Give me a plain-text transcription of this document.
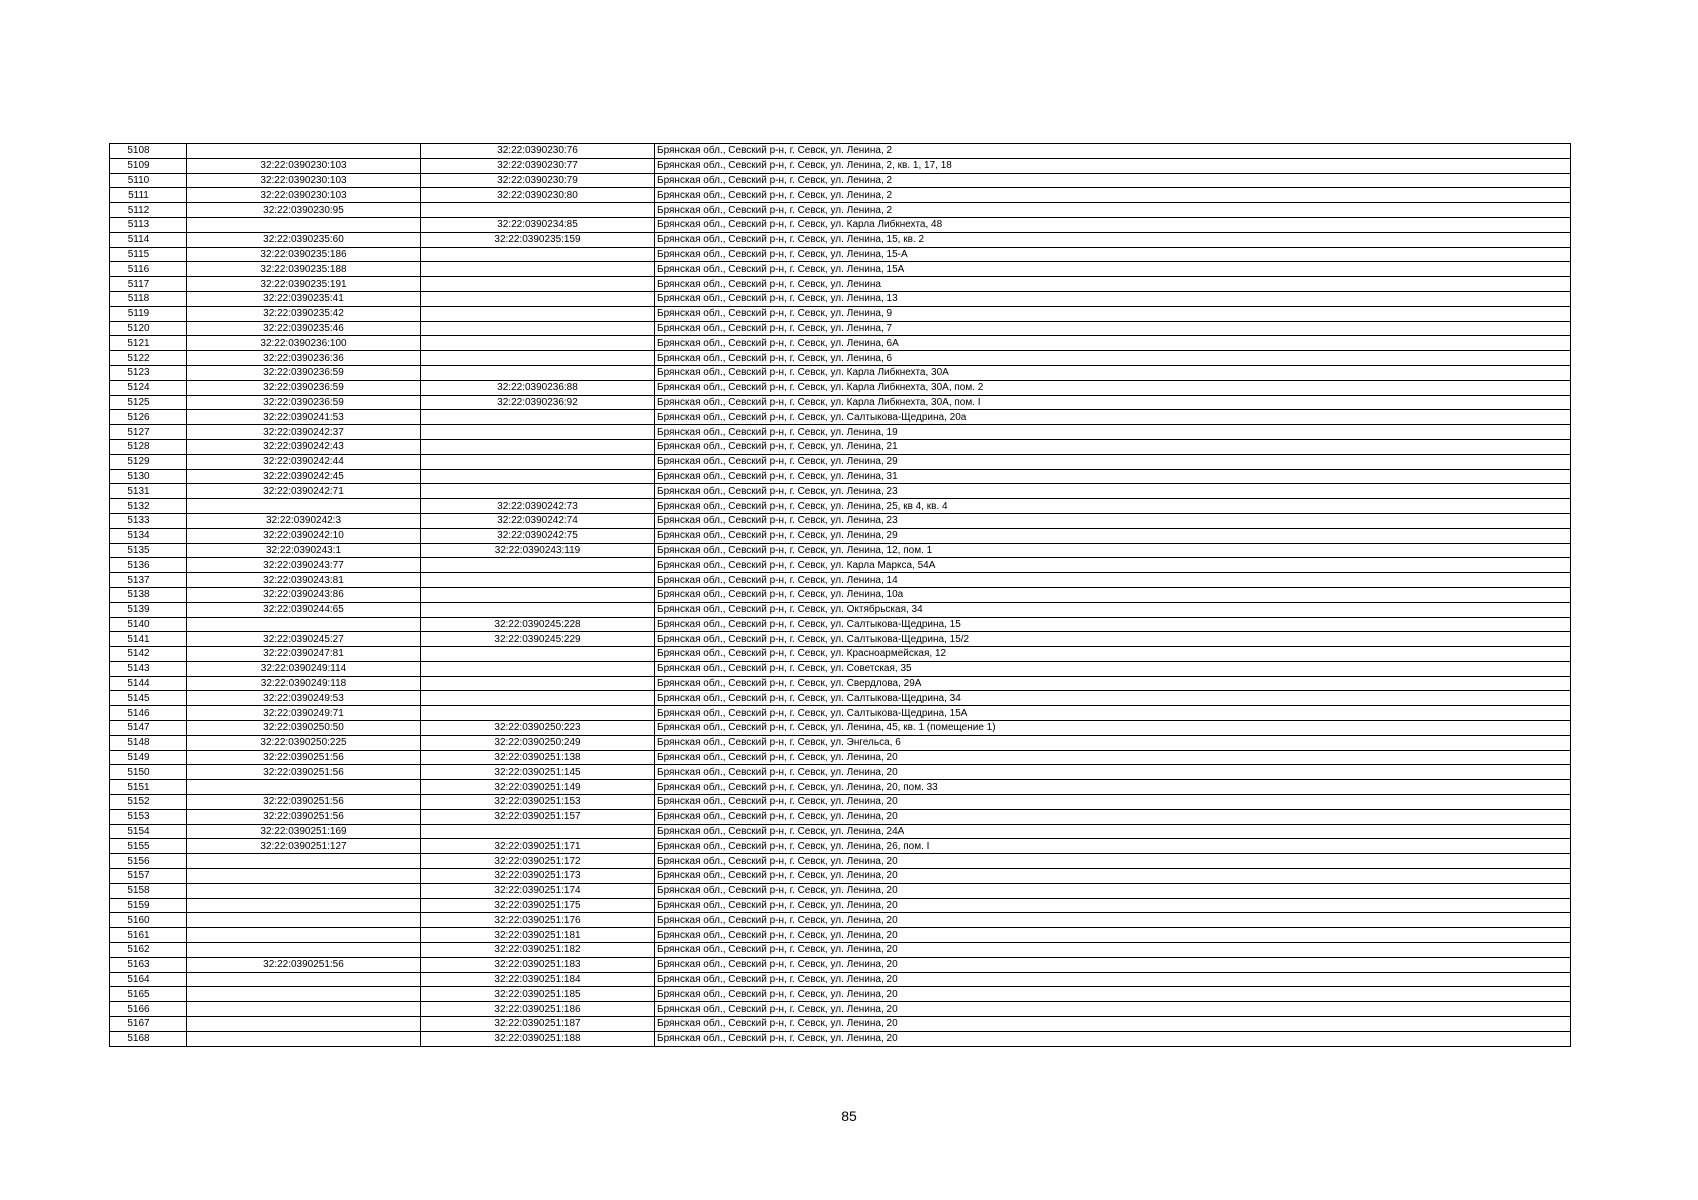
5108		32:22:0390230:76	Брянская обл., Севский р-н, г. Севск, ул. Ленина, 2
5109	32:22:0390230:103	32:22:0390230:77	Брянская обл., Севский р-н, г. Севск, ул. Ленина, 2, кв. 1, 17, 18
5110	32:22:0390230:103	32:22:0390230:79	Брянская обл., Севский р-н, г. Севск, ул. Ленина, 2
5111	32:22:0390230:103	32:22:0390230:80	Брянская обл., Севский р-н, г. Севск, ул. Ленина, 2
5112	32:22:0390230:95		Брянская обл., Севский р-н, г. Севск, ул. Ленина, 2
5113		32:22:0390234:85	Брянская обл., Севский р-н, г. Севск, ул. Карла Либкнехта, 48
5114	32:22:0390235:60	32:22:0390235:159	Брянская обл., Севский р-н, г. Севск, ул. Ленина, 15, кв. 2
5115	32:22:0390235:186		Брянская обл., Севский р-н, г. Севск, ул. Ленина, 15-А
5116	32:22:0390235:188		Брянская обл., Севский р-н, г. Севск, ул. Ленина, 15А
5117	32:22:0390235:191		Брянская обл., Севский р-н, г. Севск, ул. Ленина
5118	32:22:0390235:41		Брянская обл., Севский р-н, г. Севск, ул. Ленина, 13
5119	32:22:0390235:42		Брянская обл., Севский р-н, г. Севск, ул. Ленина, 9
5120	32:22:0390235:46		Брянская обл., Севский р-н, г. Севск, ул. Ленина, 7
5121	32:22:0390236:100		Брянская обл., Севский р-н, г. Севск, ул. Ленина, 6А
5122	32:22:0390236:36		Брянская обл., Севский р-н, г. Севск, ул. Ленина, 6
5123	32:22:0390236:59		Брянская обл., Севский р-н, г. Севск, ул. Карла Либкнехта, 30А
5124	32:22:0390236:59	32:22:0390236:88	Брянская обл., Севский р-н, г. Севск, ул. Карла Либкнехта, 30А, пом. 2
5125	32:22:0390236:59	32:22:0390236:92	Брянская обл., Севский р-н, г. Севск, ул. Карла Либкнехта, 30А, пом. I
5126	32:22:0390241:53		Брянская обл., Севский р-н, г. Севск, ул. Салтыкова-Щедрина, 20а
5127	32:22:0390242:37		Брянская обл., Севский р-н, г. Севск, ул. Ленина, 19
5128	32:22:0390242:43		Брянская обл., Севский р-н, г. Севск, ул. Ленина, 21
5129	32:22:0390242:44		Брянская обл., Севский р-н, г. Севск, ул. Ленина, 29
5130	32:22:0390242:45		Брянская обл., Севский р-н, г. Севск, ул. Ленина, 31
5131	32:22:0390242:71		Брянская обл., Севский р-н, г. Севск, ул. Ленина, 23
5132		32:22:0390242:73	Брянская обл., Севский р-н, г. Севск, ул. Ленина, 25, кв 4, кв. 4
5133	32:22:0390242:3	32:22:0390242:74	Брянская обл., Севский р-н, г. Севск, ул. Ленина, 23
5134	32:22:0390242:10	32:22:0390242:75	Брянская обл., Севский р-н, г. Севск, ул. Ленина, 29
5135	32:22:0390243:1	32:22:0390243:119	Брянская обл., Севский р-н, г. Севск, ул. Ленина, 12, пом. 1
5136	32:22:0390243:77		Брянская обл., Севский р-н, г. Севск, ул. Карла Маркса, 54А
5137	32:22:0390243:81		Брянская обл., Севский р-н, г. Севск, ул. Ленина, 14
5138	32:22:0390243:86		Брянская обл., Севский р-н, г. Севск, ул. Ленина, 10а
5139	32:22:0390244:65		Брянская обл., Севский р-н, г. Севск, ул. Октябрьская, 34
5140		32:22:0390245:228	Брянская обл., Севский р-н, г. Севск, ул. Салтыкова-Щедрина, 15
5141	32:22:0390245:27	32:22:0390245:229	Брянская обл., Севский р-н, г. Севск, ул. Салтыкова-Щедрина, 15/2
5142	32:22:0390247:81		Брянская обл., Севский р-н, г. Севск, ул. Красноармейская, 12
5143	32:22:0390249:114		Брянская обл., Севский р-н, г. Севск, ул. Советская, 35
5144	32:22:0390249:118		Брянская обл., Севский р-н, г. Севск, ул. Свердлова, 29А
5145	32:22:0390249:53		Брянская обл., Севский р-н, г. Севск, ул. Салтыкова-Щедрина, 34
5146	32:22:0390249:71		Брянская обл., Севский р-н, г. Севск, ул. Салтыкова-Щедрина, 15А
5147	32:22:0390250:50	32:22:0390250:223	Брянская обл., Севский р-н, г. Севск, ул. Ленина, 45, кв. 1 (помещение 1)
5148	32:22:0390250:225	32:22:0390250:249	Брянская обл., Севский р-н, г. Севск, ул. Энгельса, 6
5149	32:22:0390251:56	32:22:0390251:138	Брянская обл., Севский р-н, г. Севск, ул. Ленина, 20
5150	32:22:0390251:56	32:22:0390251:145	Брянская обл., Севский р-н, г. Севск, ул. Ленина, 20
5151		32:22:0390251:149	Брянская обл., Севский р-н, г. Севск, ул. Ленина, 20, пом. 33
5152	32:22:0390251:56	32:22:0390251:153	Брянская обл., Севский р-н, г. Севск, ул. Ленина, 20
5153	32:22:0390251:56	32:22:0390251:157	Брянская обл., Севский р-н, г. Севск, ул. Ленина, 20
5154	32:22:0390251:169		Брянская обл., Севский р-н, г. Севск, ул. Ленина, 24А
5155	32:22:0390251:127	32:22:0390251:171	Брянская обл., Севский р-н, г. Севск, ул. Ленина, 26, пом. I
5156		32:22:0390251:172	Брянская обл., Севский р-н, г. Севск, ул. Ленина, 20
5157		32:22:0390251:173	Брянская обл., Севский р-н, г. Севск, ул. Ленина, 20
5158		32:22:0390251:174	Брянская обл., Севский р-н, г. Севск, ул. Ленина, 20
5159		32:22:0390251:175	Брянская обл., Севский р-н, г. Севск, ул. Ленина, 20
5160		32:22:0390251:176	Брянская обл., Севский р-н, г. Севск, ул. Ленина, 20
5161		32:22:0390251:181	Брянская обл., Севский р-н, г. Севск, ул. Ленина, 20
5162		32:22:0390251:182	Брянская обл., Севский р-н, г. Севск, ул. Ленина, 20
5163	32:22:0390251:56	32:22:0390251:183	Брянская обл., Севский р-н, г. Севск, ул. Ленина, 20
5164		32:22:0390251:184	Брянская обл., Севский р-н, г. Севск, ул. Ленина, 20
5165		32:22:0390251:185	Брянская обл., Севский р-н, г. Севск, ул. Ленина, 20
5166		32:22:0390251:186	Брянская обл., Севский р-н, г. Севск, ул. Ленина, 20
5167		32:22:0390251:187	Брянская обл., Севский р-н, г. Севск, ул. Ленина, 20
5168		32:22:0390251:188	Брянская обл., Севский р-н, г. Севск, ул. Ленина, 20
85
